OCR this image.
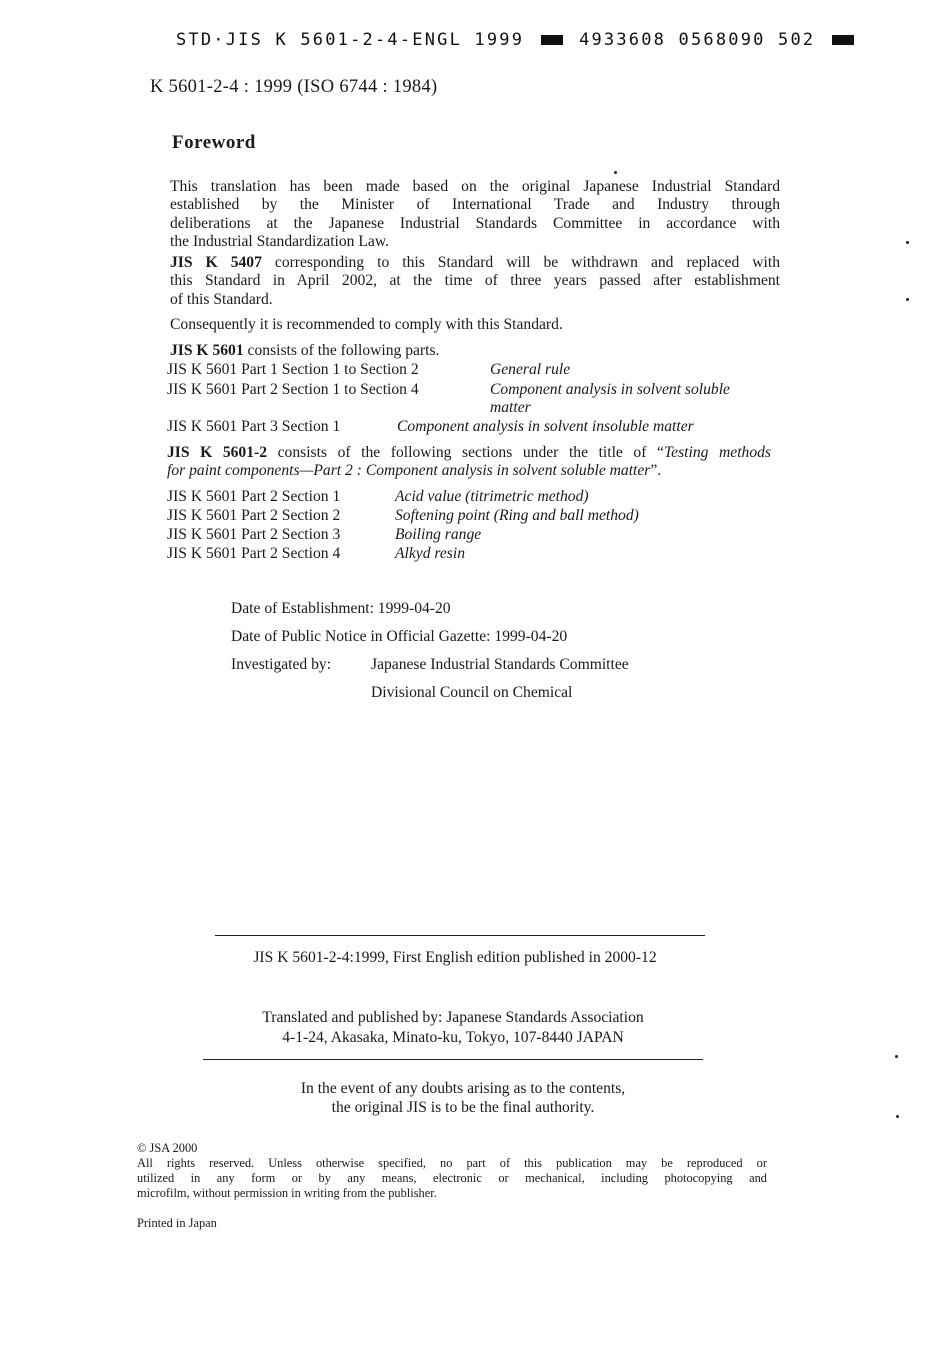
STD·JIS K 5601-2-4-ENGL 1999	4933608 0568090 502
K 5601-2-4 : 1999 (ISO 6744 : 1984)
Foreword
This translation has been made based on the original Japanese Industrial Standard
established by the Minister of International Trade and Industry through
deliberations at the Japanese Industrial Standards Committee in accordance with
the Industrial Standardization Law.
JIS K 5407 corresponding to this Standard will be withdrawn and replaced with
this Standard in April 2002, at the time of three years passed after establishment
of this Standard.
Consequently it is recommended to comply with this Standard.
JIS K 5601 consists of the following parts.
JIS K 5601 Part 1 Section 1 to Section 2	General rule
JIS K 5601 Part 2 Section 1 to Section 4	Component analysis in solvent soluble
matter
JIS K 5601 Part 3 Section 1	Component analysis in solvent insoluble matter
JIS K 5601-2 consists of the following sections under the title of “Testing methods
for paint components—Part 2 : Component analysis in solvent soluble matter”.
JIS K 5601 Part 2 Section 1	Acid value (titrimetric method)
JIS K 5601 Part 2 Section 2	Softening point (Ring and ball method)
JIS K 5601 Part 2 Section 3	Boiling range
JIS K 5601 Part 2 Section 4	Alkyd resin
Date of Establishment: 1999-04-20
Date of Public Notice in Official Gazette: 1999-04-20
Investigated by:	Japanese Industrial Standards Committee
Divisional Council on Chemical
JIS K 5601-2-4:1999, First English edition published in 2000-12
Translated and published by: Japanese Standards Association
4-1-24, Akasaka, Minato-ku, Tokyo, 107-8440 JAPAN
In the event of any doubts arising as to the contents,
the original JIS is to be the final authority.
© JSA 2000
All rights reserved. Unless otherwise specified, no part of this publication may be reproduced or
utilized in any form or by any means, electronic or mechanical, including photocopying and
microfilm, without permission in writing from the publisher.
Printed in Japan
